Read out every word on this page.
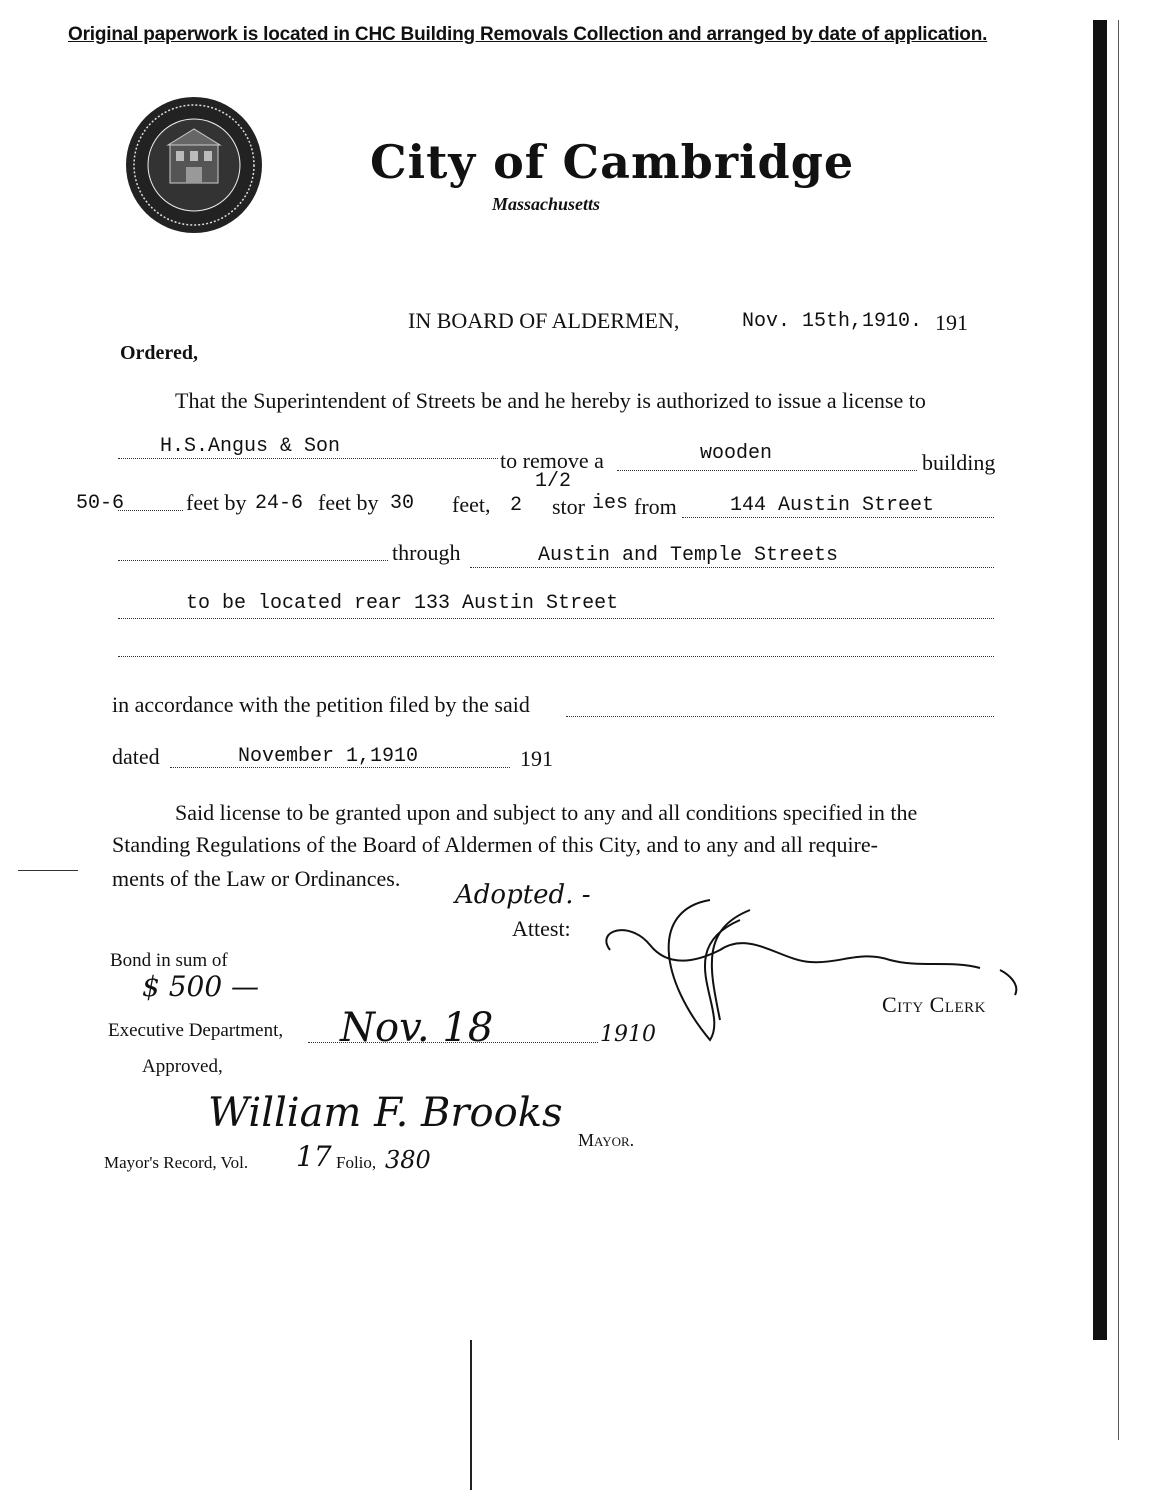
Original paperwork is located in CHC Building Removals Collection and arranged by date of application.
City of Cambridge
Massachusetts
IN BOARD OF ALDERMEN,	Nov. 15th,1910. 191
Ordered,
That the Superintendent of Streets be and he hereby is authorized to issue a license to
H.S.Angus & Son
to remove a	wooden	building
1/2
50-6	feet by 24-6 feet by 30 feet, 2 stor ies from	144 Austin Street
through	Austin and Temple Streets
to be located rear 133 Austin Street
in accordance with the petition filed by the said
dated	November 1,1910	191
Said license to be granted upon and subject to any and all conditions specified in the
Standing Regulations of the Board of Aldermen of this City, and to any and all require-
ments of the Law or Ordinances.
Adopted. -
Attest:
City Clerk
Bond in sum of
$ 500 —
Executive Department, Nov. 18	1910
Approved,
William F. Brooks
Mayor.
Mayor's Record, Vol. 17 Folio, 380
